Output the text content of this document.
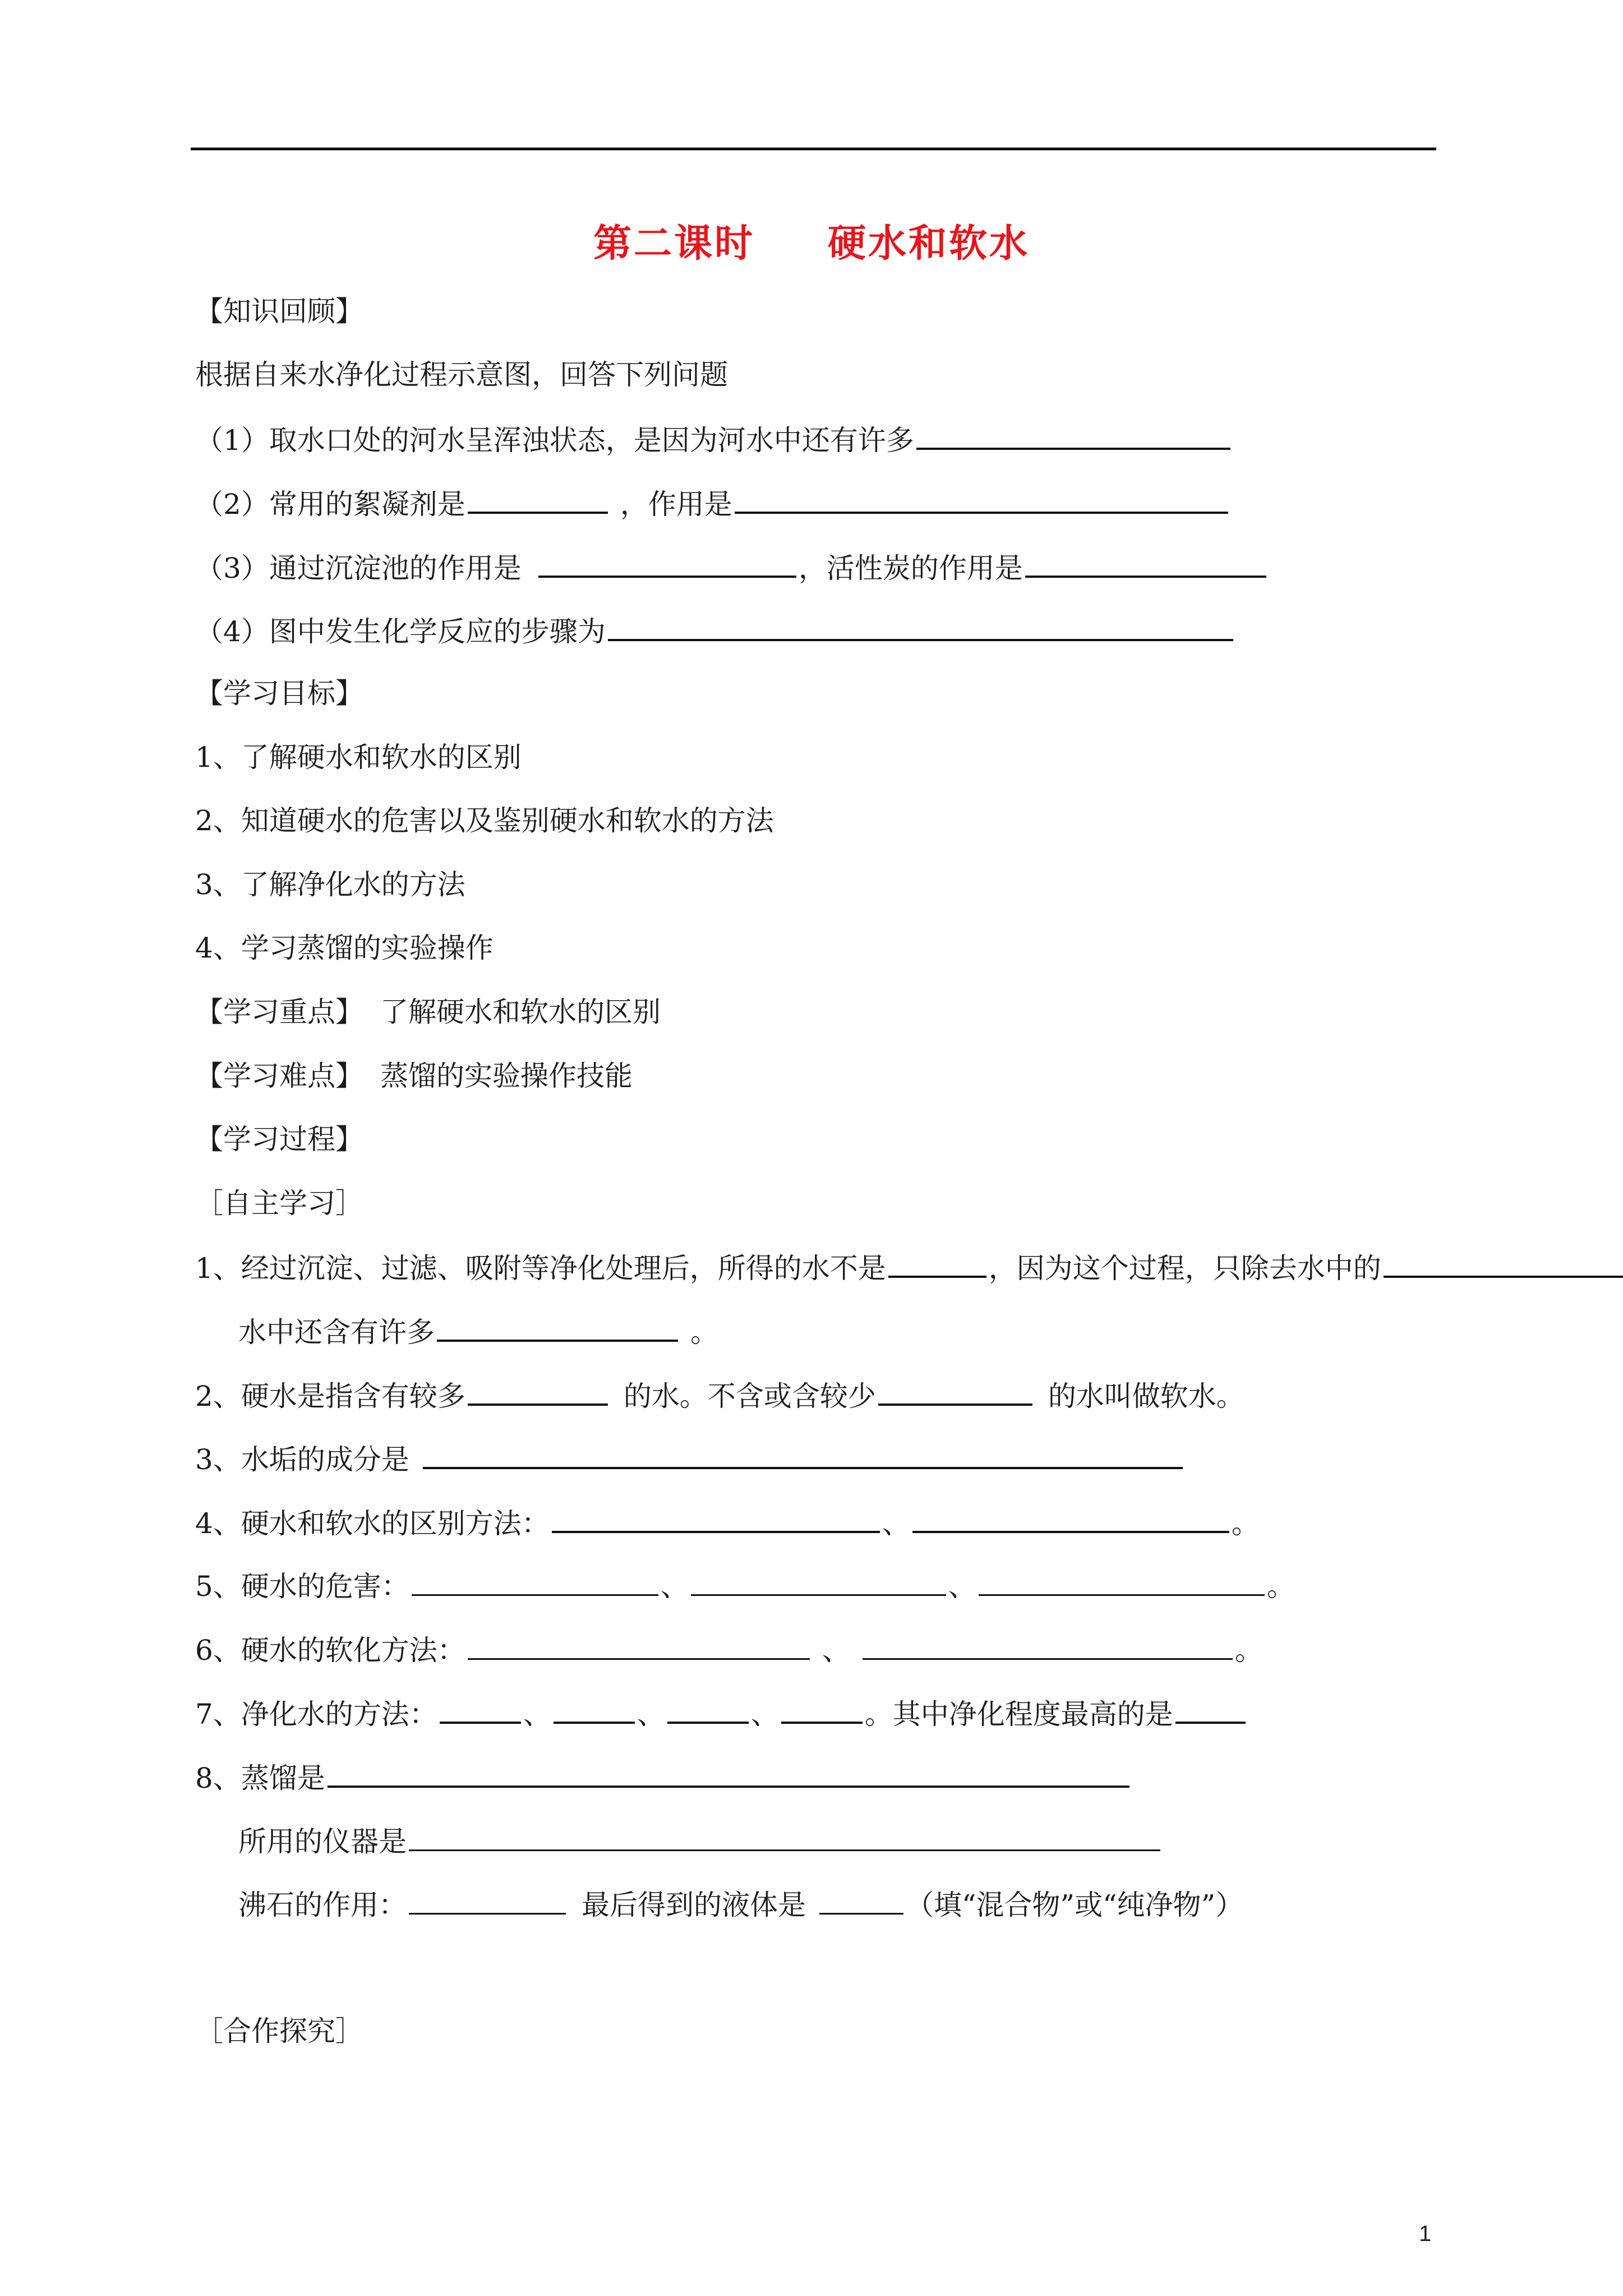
第二课时 硬水和软水
【知识回顾】
根据自来水净化过程示意图，回答下列问题
（1）取水口处的河水呈浑浊状态，是因为河水中还有许多
（2）常用的絮凝剂是	，作用是
（3）通过沉淀池的作用是	，活性炭的作用是
（4）图中发生化学反应的步骤为
【学习目标】
1、了解硬水和软水的区别
2、知道硬水的危害以及鉴别硬水和软水的方法
3、了解净化水的方法
4、学习蒸馏的实验操作
【学习重点】 了解硬水和软水的区别
【学习难点】 蒸馏的实验操作技能
【学习过程】
［自主学习］
1、经过沉淀、过滤、吸附等净化处理后，所得的水不是	，因为这个过程，只除去水中的
水中还含有许多	。
2、硬水是指含有较多	的水。不含或含较少	的水叫做软水。
3、水垢的成分是
4、硬水和软水的区别方法：	、	。
5、硬水的危害：	、	、	。
6、硬水的软化方法：	、	。
7、净化水的方法：	、	、	、	。其中净化程度最高的是
8、蒸馏是
所用的仪器是
沸石的作用：	最后得到的液体是	（填“混合物”或“纯净物”）
［合作探究］
1
